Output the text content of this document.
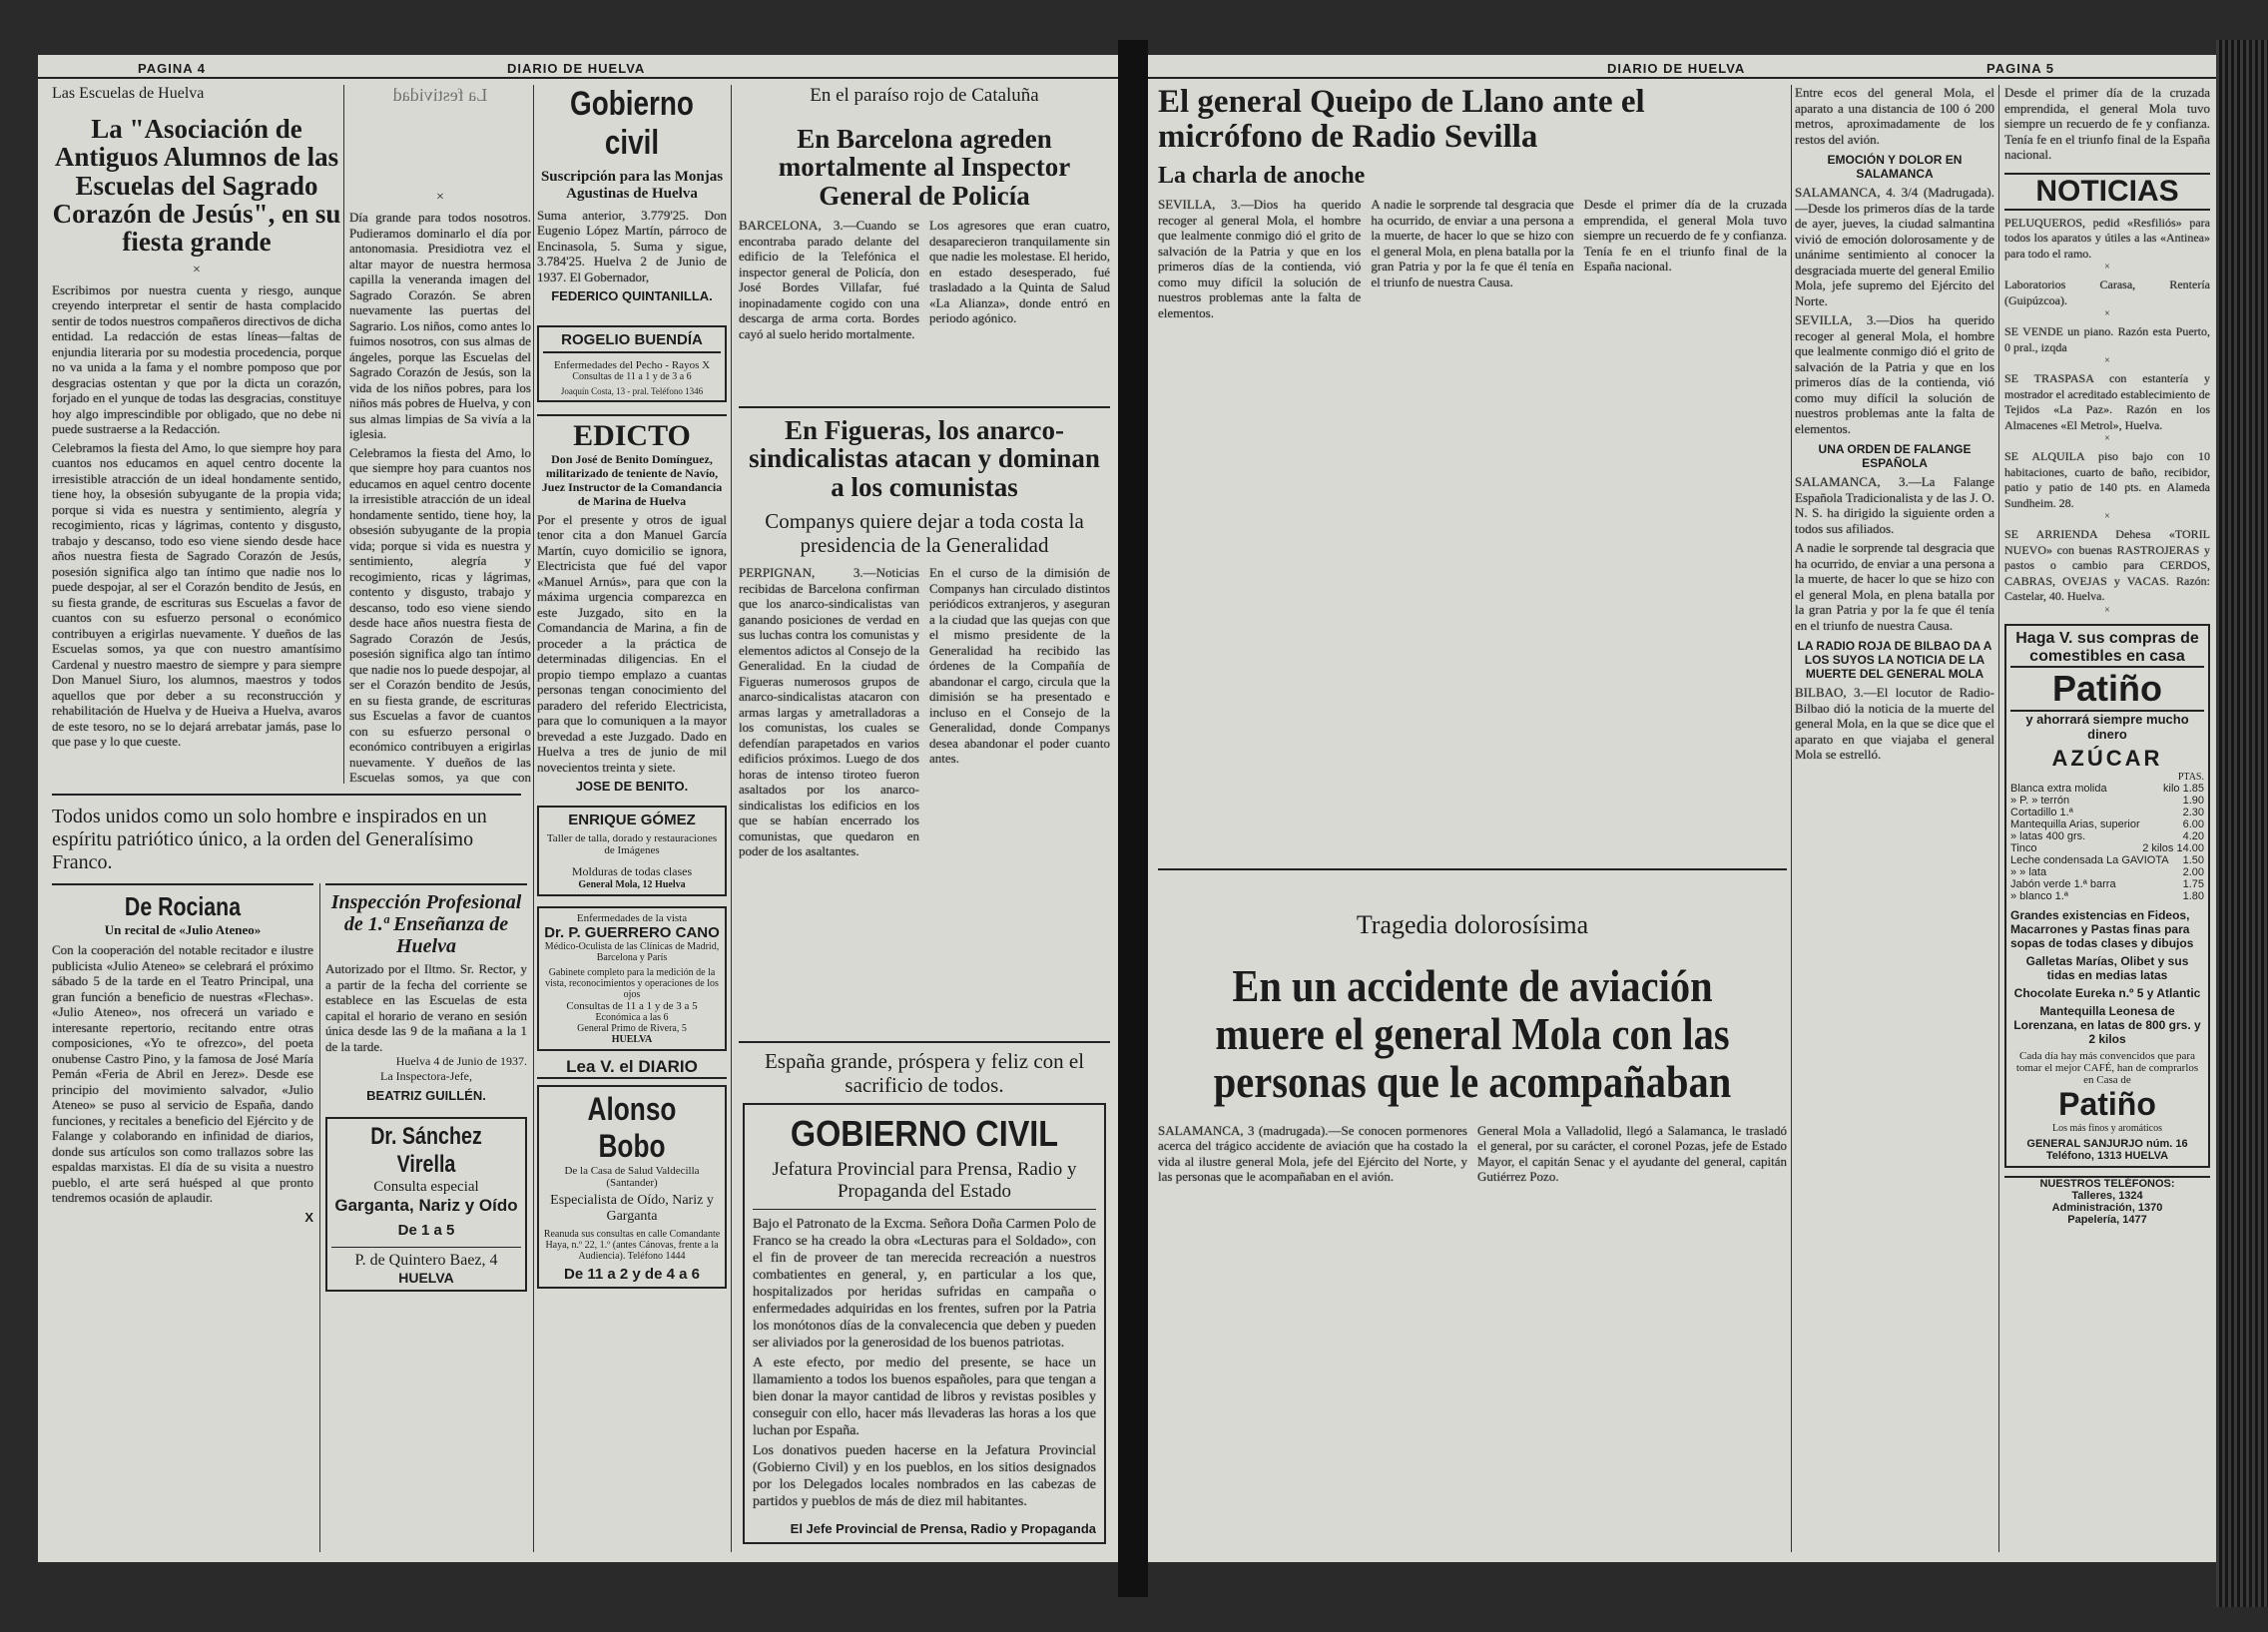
PAGINA 4	DIARIO DE HUELVA
Las Escuelas de Huelva
La "Asociación de Antiguos Alumnos de las Escuelas del Sagrado Corazón de Jesús", en su fiesta grande
×

Escribimos por nuestra cuenta y riesgo, aunque creyendo interpretar el sentir de hasta complacido sentir de todos nuestros compañeros directivos de dicha entidad. La redacción de estas líneas—faltas de enjundia literaria por su modestia procedencia, porque no va unida a la fama y el nombre pomposo que por desgracias ostentan y que por la dicta un corazón, forjado en el yunque de todas las desgracias, constituye hoy algo imprescindible por obligado, que no debe ni puede sustraerse a la Redacción.

Celebramos la fiesta del Amo, lo que siempre hoy para cuantos nos educamos en aquel centro docente la irresistible atracción de un ideal hondamente sentido, tiene hoy, la obsesión subyugante de la propia vida; porque si vida es nuestra y sentimiento, alegría y recogimiento, ricas y lágrimas, contento y disgusto, trabajo y descanso, todo eso viene siendo desde hace años nuestra fiesta de Sagrado Corazón de Jesús, posesión significa algo tan íntimo que nadie nos lo puede despojar, al ser el Corazón bendito de Jesús, en su fiesta grande, de escrituras sus Escuelas a favor de cuantos con su esfuerzo personal o económico contribuyen a erigirlas nuevamente. Y dueños de las Escuelas somos, ya que con nuestro amantísimo Cardenal y nuestro maestro de siempre y para siempre Don Manuel Siuro, los alumnos, maestros y todos aquellos que por deber a su reconstrucción y rehabilitación de Huelva y de Hueiva a Huelva, avaros de este tesoro, no se lo dejará arrebatar jamás, pase lo que pase y lo que cueste.

La festividad
×

Día grande para todos nosotros. Pudieramos dominarlo el día por antonomasia. Presidiotra vez el altar mayor de nuestra hermosa capilla la veneranda imagen del Sagrado Corazón. Se abren nuevamente las puertas del Sagrario. Los niños, como antes lo fuimos nosotros, con sus almas de ángeles, porque las Escuelas del Sagrado Corazón de Jesús, son la vida de los niños pobres, para los niños más pobres de Huelva, y con sus almas limpias de Sa vivía a la iglesia.

Celebramos la fiesta del Amo, lo que siempre hoy para cuantos nos educamos en aquel centro docente la irresistible atracción de un ideal hondamente sentido, tiene hoy, la obsesión subyugante de la propia vida; porque si vida es nuestra y sentimiento, alegría y recogimiento, ricas y lágrimas, contento y disgusto, trabajo y descanso, todo eso viene siendo desde hace años nuestra fiesta de Sagrado Corazón de Jesús, posesión significa algo tan íntimo que nadie nos lo puede despojar, al ser el Corazón bendito de Jesús, en su fiesta grande, de escrituras sus Escuelas a favor de cuantos con su esfuerzo personal o económico contribuyen a erigirlas nuevamente. Y dueños de las Escuelas somos, ya que con

Gobierno civil
Suscripción para las Monjas Agustinas de Huelva

Suma anterior, 3.779'25. Don Eugenio López Martín, párroco de Encinasola, 5. Suma y sigue, 3.784'25. Huelva 2 de Junio de 1937. El Gobernador,

FEDERICO QUINTANILLA.
ROGELIO BUENDÍA
Enfermedades del Pecho - Rayos X
Consultas de 11 a 1 y de 3 a 6
Joaquín Costa, 13 - pral. Teléfono 1346
EDICTO
Don José de Benito Domínguez, militarizado de teniente de Navío, Juez Instructor de la Comandancia de Marina de Huelva

Por el presente y otros de igual tenor cita a don Manuel García Martín, cuyo domicilio se ignora, Electricista que fué del vapor «Manuel Arnús», para que con la máxima urgencia comparezca en este Juzgado, sito en la Comandancia de Marina, a fin de proceder a la práctica de determinadas diligencias. En el propio tiempo emplazo a cuantas personas tengan conocimiento del paradero del referido Electricista, para que lo comuniquen a la mayor brevedad a este Juzgado. Dado en Huelva a tres de junio de mil novecientos treinta y siete.

JOSE DE BENITO.
ENRIQUE GÓMEZ
Taller de talla, dorado y restauraciones de Imágenes
Molduras de todas clases
General Mola, 12 Huelva
Enfermedades de la vista
Dr. P. GUERRERO CANO
Médico-Oculista de las Clínicas de Madrid, Barcelona y París
Gabinete completo para la medición de la vista, reconocimientos y operaciones de los ojos
Consultas de 11 a 1 y de 3 a 5
Económica a las 6
General Primo de Rivera, 5
HUELVA
Lea V. el DIARIO
Alonso Bobo
De la Casa de Salud Valdecilla (Santander)
Especialista de Oído, Nariz y Garganta
Reanuda sus consultas en calle Comandante Haya, n.º 22, 1.º (antes Cánovas, frente a la Audiencia). Teléfono 1444
De 11 a 2 y de 4 a 6
Todos unidos como un solo hombre e inspirados en un espíritu patriótico único, a la orden del Generalísimo Franco.
De Rociana
Un recital de «Julio Ateneo»

Con la cooperación del notable recitador e ilustre publicista «Julio Ateneo» se celebrará el próximo sábado 5 de la tarde en el Teatro Principal, una gran función a beneficio de nuestras «Flechas». «Julio Ateneo», nos ofrecerá un variado e interesante repertorio, recitando entre otras composiciones, «Yo te ofrezco», del poeta onubense Castro Pino, y la famosa de José María Pemán «Feria de Abril en Jerez». Desde ese principio del movimiento salvador, «Julio Ateneo» se puso al servicio de España, dando funciones, y recitales a beneficio del Ejército y de Falange y colaborando en infinidad de diarios, donde sus artículos son como trallazos sobre las espaldas marxistas. El día de su visita a nuestro pueblo, el arte será huésped al que pronto tendremos ocasión de aplaudir.

X
Inspección Profesional de 1.ª Enseñanza de Huelva

Autorizado por el Iltmo. Sr. Rector, y a partir de la fecha del corriente se establece en las Escuelas de esta capital el horario de verano en sesión única desde las 9 de la mañana a la 1 de la tarde.

Huelva 4 de Junio de 1937.
La Inspectora-Jefe,
BEATRIZ GUILLÉN.
Dr. Sánchez Virella
Consulta especial
Garganta, Nariz y Oído
De 1 a 5
P. de Quintero Baez, 4
HUELVA
En el paraíso rojo de Cataluña
En Barcelona agreden mortalmente al Inspector General de Policía

BARCELONA, 3.—Cuando se encontraba parado delante del edificio de la Telefónica el inspector general de Policía, don José Bordes Villafar, fué inopinadamente cogido con una descarga de arma corta. Bordes cayó al suelo herido mortalmente.

Los agresores que eran cuatro, desaparecieron tranquilamente sin que nadie les molestase. El herido, en estado desesperado, fué trasladado a la Quinta de Salud «La Alianza», donde entró en periodo agónico.

En Figueras, los anarco-sindicalistas atacan y dominan a los comunistas
Companys quiere dejar a toda costa la presidencia de la Generalidad

PERPIGNAN, 3.—Noticias recibidas de Barcelona confirman que los anarco-sindicalistas van ganando posiciones de verdad en sus luchas contra los comunistas y elementos adictos al Consejo de la Generalidad. En la ciudad de Figueras numerosos grupos de anarco-sindicalistas atacaron con armas largas y ametralladoras a los comunistas, los cuales se defendían parapetados en varios edificios próximos. Luego de dos horas de intenso tiroteo fueron asaltados por los anarco-sindicalistas los edificios en los que se habían encerrado los comunistas, que quedaron en poder de los asaltantes.

En el curso de la dimisión de Companys han circulado distintos periódicos extranjeros, y aseguran a la ciudad que las quejas con que el mismo presidente de la Generalidad ha recibido las órdenes de la Compañía de abandonar el cargo, circula que la dimisión se ha presentado e incluso en el Consejo de la Generalidad, donde Companys desea abandonar el poder cuanto antes.

España grande, próspera y feliz con el sacrificio de todos.
GOBIERNO CIVIL
Jefatura Provincial para Prensa, Radio y Propaganda del Estado

Bajo el Patronato de la Excma. Señora Doña Carmen Polo de Franco se ha creado la obra «Lecturas para el Soldado», con el fin de proveer de tan merecida recreación a nuestros combatientes en general, y, en particular a los que, hospitalizados por heridas sufridas en campaña o enfermedades adquiridas en los frentes, sufren por la Patria los monótonos días de la convalecencia que deben y pueden ser aliviados por la generosidad de los buenos patriotas.

A este efecto, por medio del presente, se hace un llamamiento a todos los buenos españoles, para que tengan a bien donar la mayor cantidad de libros y revistas posibles y conseguir con ello, hacer más llevaderas las horas a los que luchan por España.

Los donativos pueden hacerse en la Jefatura Provincial (Gobierno Civil) y en los pueblos, en los sitios designados por los Delegados locales nombrados en las cabezas de partidos y pueblos de más de diez mil habitantes.

El Jefe Provincial de Prensa, Radio y Propaganda
DIARIO DE HUELVA	PAGINA 5
El general Queipo de Llano ante el micrófono de Radio Sevilla
La charla de anoche

SEVILLA, 3.—Dios ha querido recoger al general Mola, el hombre que lealmente conmigo dió el grito de salvación de la Patria y que en los primeros días de la contienda, vió como muy difícil la solución de nuestros problemas ante la falta de elementos.

A nadie le sorprende tal desgracia que ha ocurrido, de enviar a una persona a la muerte, de hacer lo que se hizo con el general Mola, en plena batalla por la gran Patria y por la fe que él tenía en el triunfo de nuestra Causa.

Desde el primer día de la cruzada emprendida, el general Mola tuvo siempre un recuerdo de fe y confianza. Tenía fe en el triunfo final de la España nacional.

Tragedia dolorosísima
En un accidente de aviación muere el general Mola con las personas que le acompañaban

SALAMANCA, 3 (madrugada).—Se conocen pormenores acerca del trágico accidente de aviación que ha costado la vida al ilustre general Mola, jefe del Ejército del Norte, y las personas que le acompañaban en el avión.

General Mola a Valladolid, llegó a Salamanca, le trasladó el general, por su carácter, el coronel Pozas, jefe de Estado Mayor, el capitán Senac y el ayudante del general, capitán Gutiérrez Pozo.

Entre ecos del general Mola, el aparato a una distancia de 100 ó 200 metros, aproximadamente de los restos del avión.

EMOCIÓN Y DOLOR EN SALAMANCA

SALAMANCA, 4. 3/4 (Madrugada).—Desde los primeros días de la tarde de ayer, jueves, la ciudad salmantina vivió de emoción dolorosamente y de unánime sentimiento al conocer la desgraciada muerte del general Emilio Mola, jefe supremo del Ejército del Norte.

SEVILLA, 3.—Dios ha querido recoger al general Mola, el hombre que lealmente conmigo dió el grito de salvación de la Patria y que en los primeros días de la contienda, vió como muy difícil la solución de nuestros problemas ante la falta de elementos.

UNA ORDEN DE FALANGE ESPAÑOLA

SALAMANCA, 3.—La Falange Española Tradicionalista y de las J. O. N. S. ha dirigido la siguiente orden a todos sus afiliados.

A nadie le sorprende tal desgracia que ha ocurrido, de enviar a una persona a la muerte, de hacer lo que se hizo con el general Mola, en plena batalla por la gran Patria y por la fe que él tenía en el triunfo de nuestra Causa.

LA RADIO ROJA DE BILBAO DA A LOS SUYOS LA NOTICIA DE LA MUERTE DEL GENERAL MOLA

BILBAO, 3.—El locutor de Radio-Bilbao dió la noticia de la muerte del general Mola, en la que se dice que el aparato en que viajaba el general Mola se estrelló.

Desde el primer día de la cruzada emprendida, el general Mola tuvo siempre un recuerdo de fe y confianza. Tenía fe en el triunfo final de la España nacional.

NOTICIAS

PELUQUEROS, pedid «Resfiliós» para todos los aparatos y útiles a las «Antinea» para todo el ramo.

×

Laboratorios Carasa, Rentería (Guipúzcoa).

×

SE VENDE un piano. Razón esta Puerto, 0 pral., izqda

×

SE TRASPASA con estantería y mostrador el acreditado establecimiento de Tejidos «La Paz». Razón en los Almacenes «El Metrol», Huelva.

×

SE ALQUILA piso bajo con 10 habitaciones, cuarto de baño, recibidor, patio y patio de 140 pts. en Alameda Sundheim. 28.

×

SE ARRIENDA Dehesa «TORIL NUEVO» con buenas RASTROJERAS y pastos o cambio para CERDOS, CABRAS, OVEJAS y VACAS. Razón: Castelar, 40. Huelva.

×
Haga V. sus compras de comestibles en casa
Patiño
y ahorrará siempre mucho dinero
AZÚCAR
PTAS.
Blanca extra molida	kilo 1.85
» P. » terrón	1.90
Cortadillo 1.ª	2.30
Mantequilla Arias, superior	6.00
» latas 400 grs.	4.20
Tinco	2 kilos 14.00
Leche condensada La GAVIOTA 1.50
» » lata	2.00
Jabón verde 1.ª barra	1.75
» blanco 1.ª	1.80
Grandes existencias en Fideos, Macarrones y Pastas finas para sopas de todas clases y dibujos
Galletas Marías, Olibet y sus tidas en medias latas
Chocolate Eureka n.º 5 y Atlantic
Mantequilla Leonesa de Lorenzana, en latas de 800 grs. y 2 kilos
Cada día hay más convencidos que para tomar el mejor CAFÉ, han de comprarlos en Casa de
Patiño
Los más finos y aromáticos
GENERAL SANJURJO núm. 16
Teléfono, 1313 HUELVA
NUESTROS TELÉFONOS:
Talleres, 1324
Administración, 1370
Papelería, 1477
